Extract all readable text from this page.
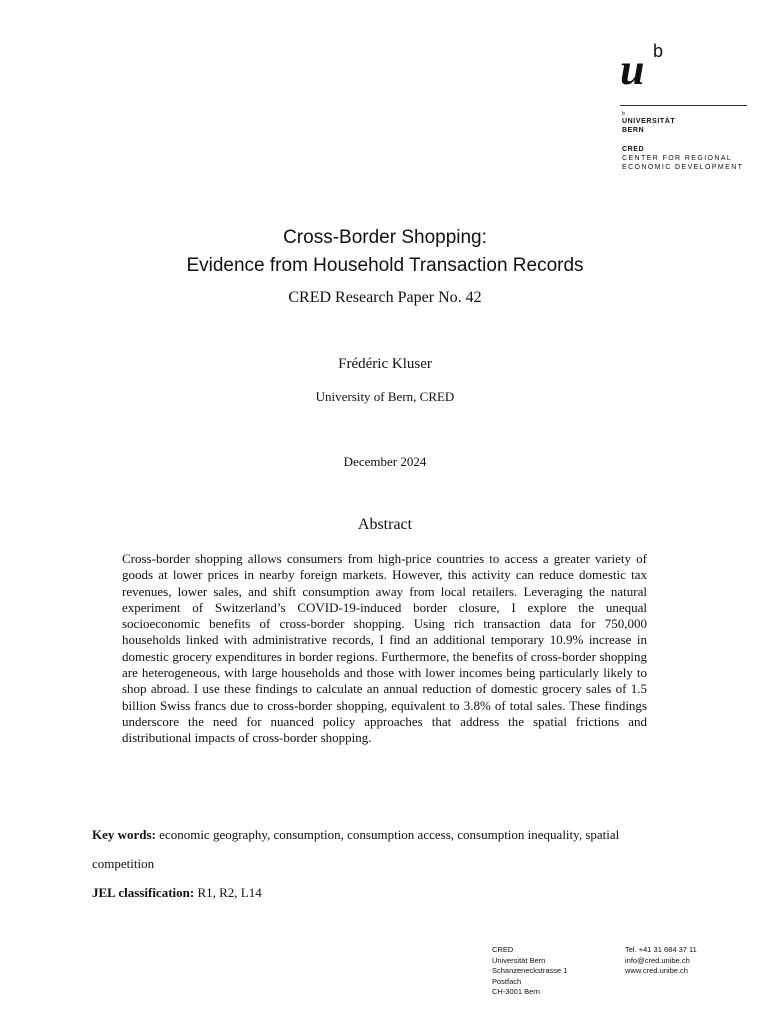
u b
b
UNIVERSITÄT
BERN
CRED
CENTER FOR REGIONAL
ECONOMIC DEVELOPMENT
Cross-Border Shopping:
Evidence from Household Transaction Records
CRED Research Paper No. 42
Frédéric Kluser
University of Bern, CRED
December 2024
Abstract

Cross-border shopping allows consumers from high-price countries to access a greater variety of goods at lower prices in nearby foreign markets. However, this activity can reduce domestic tax revenues, lower sales, and shift consumption away from local retailers. Leveraging the natural experiment of Switzerland’s COVID-19-induced border closure, I explore the unequal socioeconomic benefits of cross-border shopping. Using rich transaction data for 750,000 households linked with administrative records, I find an additional temporary 10.9% increase in domestic grocery expenditures in border regions. Furthermore, the benefits of cross-border shopping are heterogeneous, with large households and those with lower incomes being particularly likely to shop abroad. I use these findings to calculate an annual reduction of domestic grocery sales of 1.5 billion Swiss francs due to cross-border shopping, equivalent to 3.8% of total sales. These findings underscore the need for nuanced policy approaches that address the spatial frictions and distributional impacts of cross-border shopping.

Key words: economic geography, consumption, consumption access, consumption inequality, spatial competition

JEL classification: R1, R2, L14

CRED
Universität Bern
Schanzeneckstrasse 1
Postfach
CH-3001 Bern
Tel. +41 31 684 37 11
info@cred.unibe.ch
www.cred.unibe.ch
